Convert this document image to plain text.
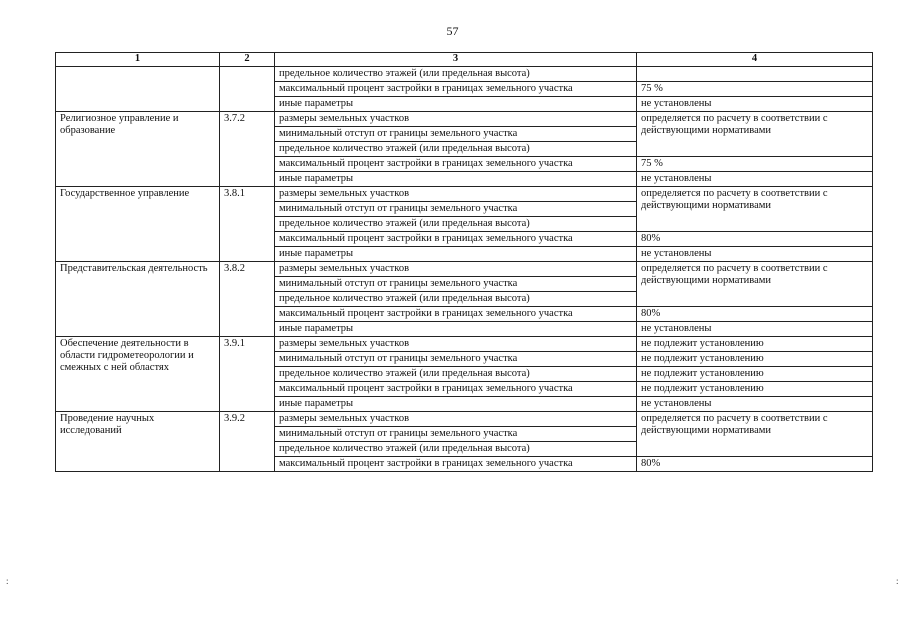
57
1	2	3	4
		предельное количество этажей (или предельная высота)	
		максимальный процент застройки в границах земельного участка	75 %
		иные параметры	не установлены
Религиозное управление и образование	3.7.2	размеры земельных участков	определяется по расчету в соответствии с действующими нормативами
		минимальный отступ от границы земельного участка	
		предельное количество этажей (или предельная высота)	
		максимальный процент застройки в границах земельного участка	75 %
		иные параметры	не установлены
Государственное управление	3.8.1	размеры земельных участков	определяется по расчету в соответствии с действующими нормативами
		минимальный отступ от границы земельного участка	
		предельное количество этажей (или предельная высота)	
		максимальный процент застройки в границах земельного участка	80%
		иные параметры	не установлены
Представительская деятельность	3.8.2	размеры земельных участков	определяется по расчету в соответствии с действующими нормативами
		минимальный отступ от границы земельного участка	
		предельное количество этажей (или предельная высота)	
		максимальный процент застройки в границах земельного участка	80%
		иные параметры	не установлены
Обеспечение деятельности в области гидрометеорологии и смежных с ней областях	3.9.1	размеры земельных участков	не подлежит установлению
		минимальный отступ от границы земельного участка	не подлежит установлению
		предельное количество этажей (или предельная высота)	не подлежит установлению
		максимальный процент застройки в границах земельного участка	не подлежит установлению
		иные параметры	не установлены
Проведение научных исследований	3.9.2	размеры земельных участков	определяется по расчету в соответствии с действующими нормативами
		минимальный отступ от границы земельного участка	
		предельное количество этажей (или предельная высота)	
		максимальный процент застройки в границах земельного участка	80%
:	:
